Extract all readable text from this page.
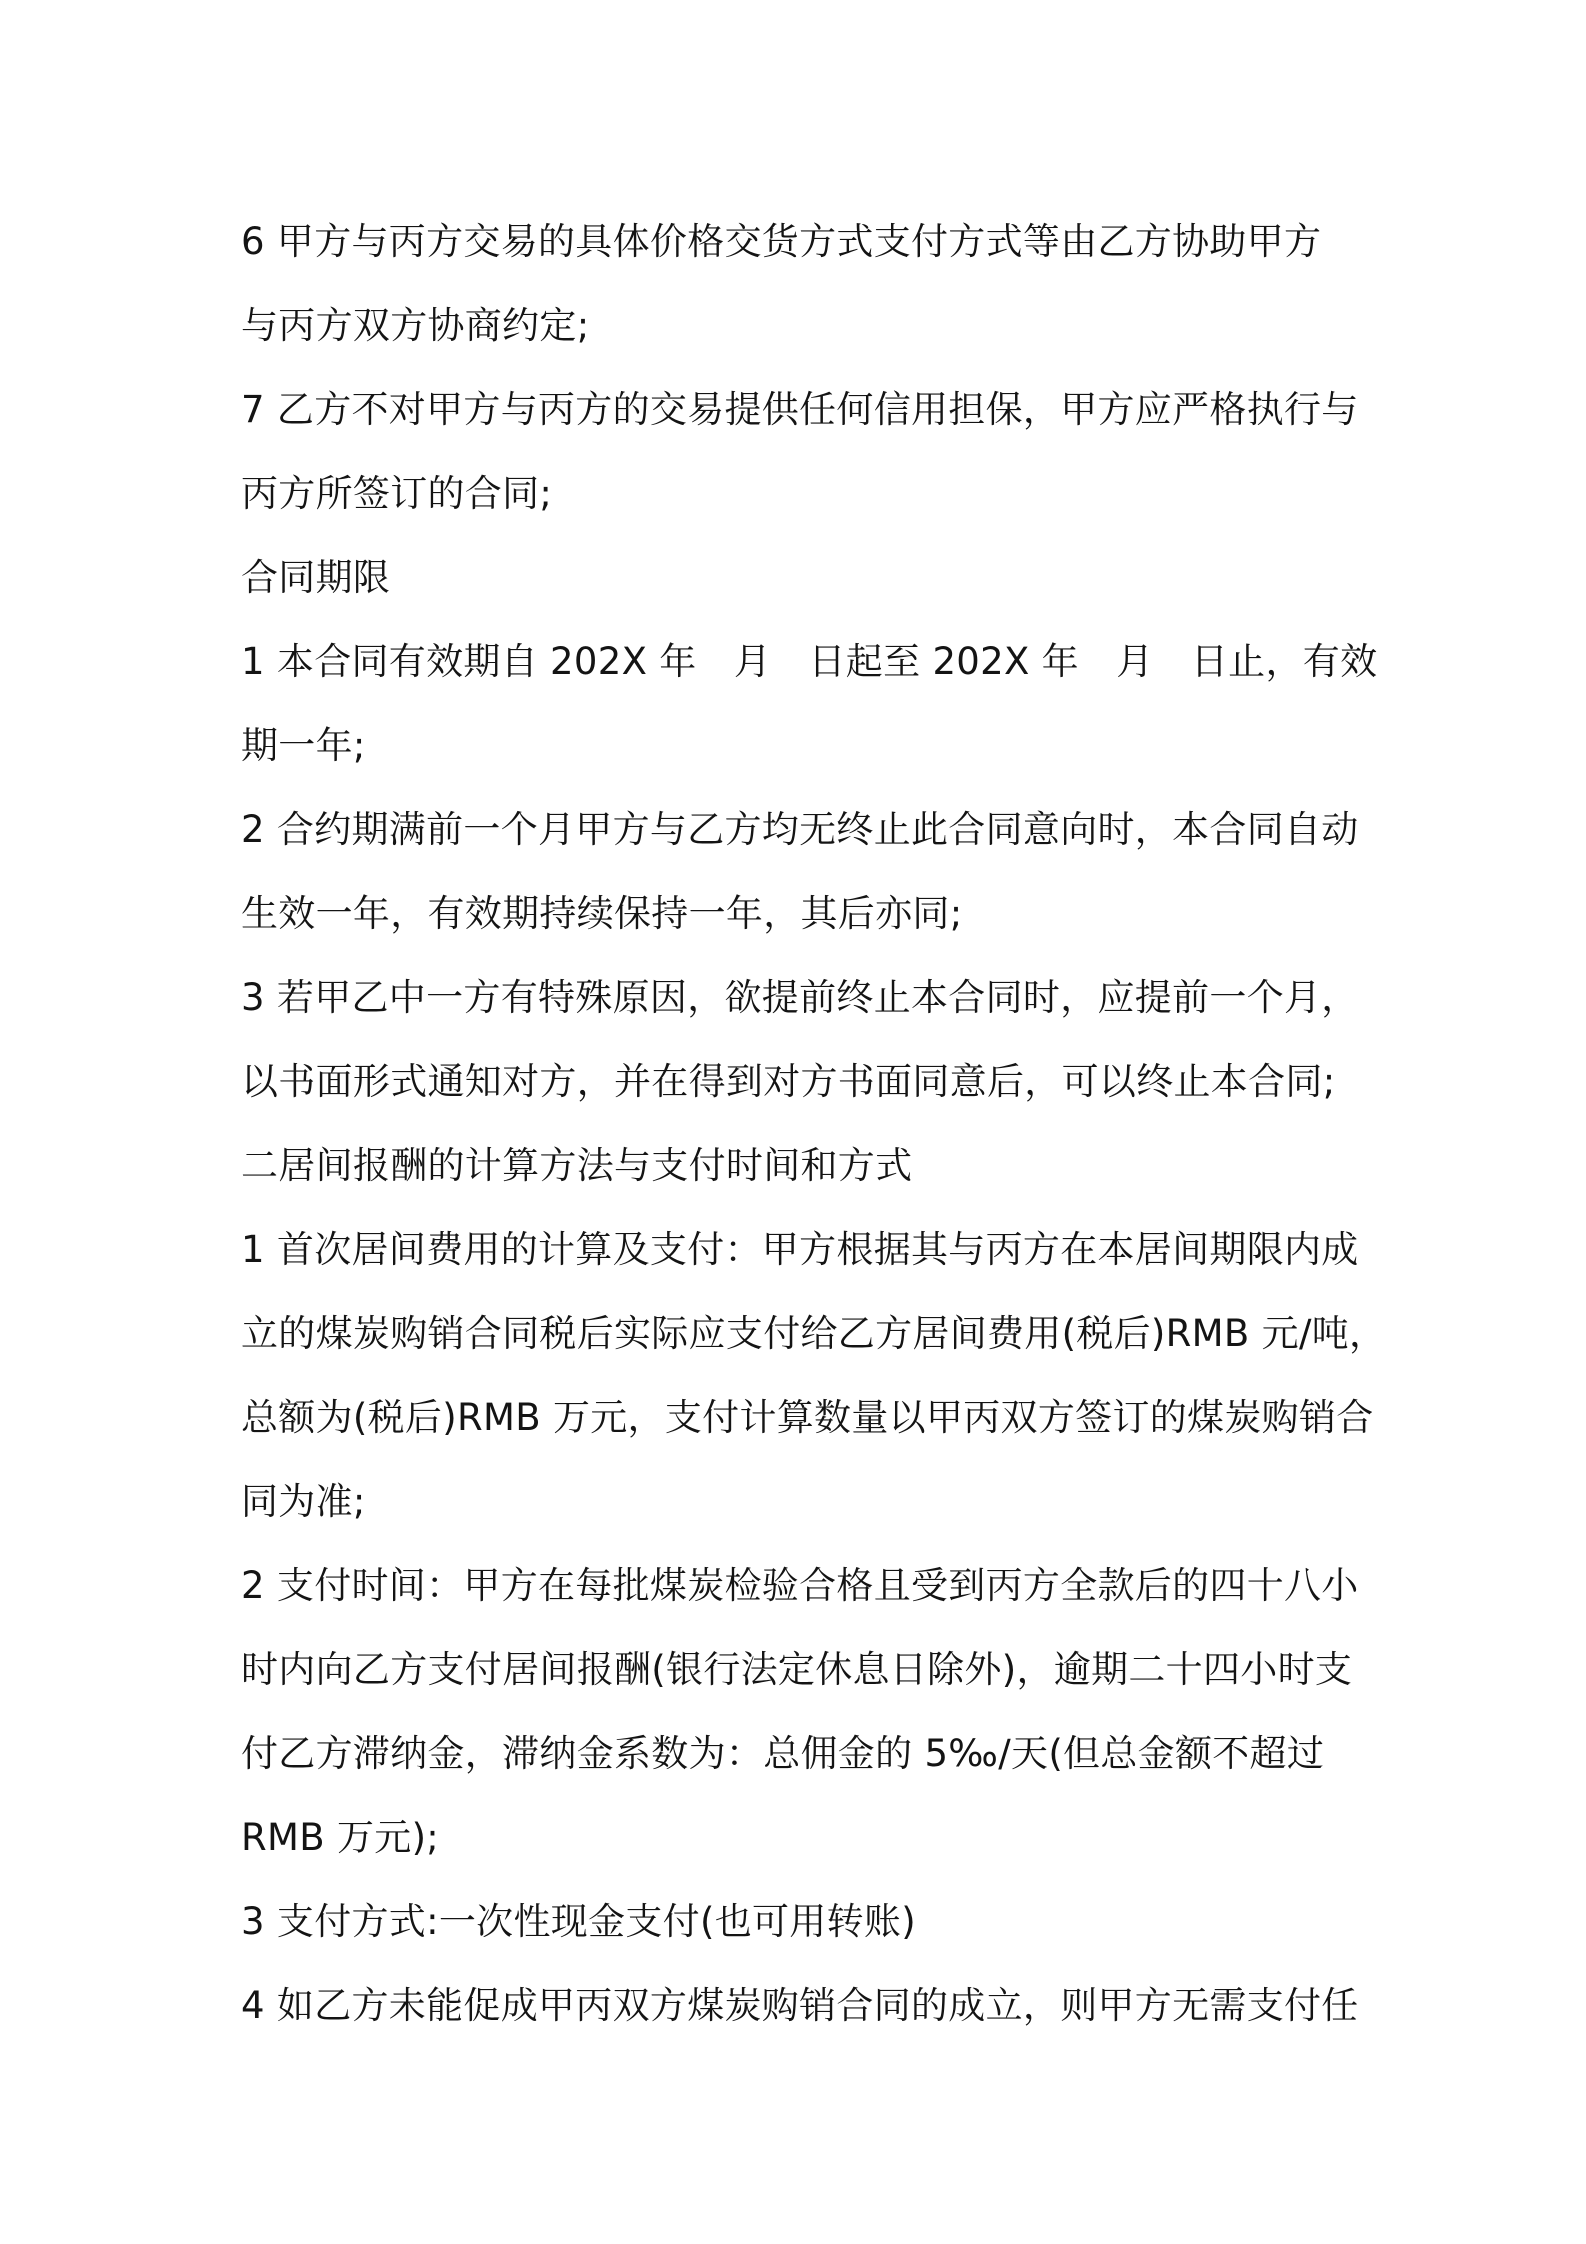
6 甲方与丙方交易的具体价格交货方式支付方式等由乙方协助甲方
与丙方双方协商约定;
7 乙方不对甲方与丙方的交易提供任何信用担保，甲方应严格执行与
丙方所签订的合同;
合同期限
1 本合同有效期自 202X 年　月　日起至 202X 年　月　日止，有效
期一年;
2 合约期满前一个月甲方与乙方均无终止此合同意向时，本合同自动
生效一年，有效期持续保持一年，其后亦同;
3 若甲乙中一方有特殊原因，欲提前终止本合同时，应提前一个月，
以书面形式通知对方，并在得到对方书面同意后，可以终止本合同;
二居间报酬的计算方法与支付时间和方式
1 首次居间费用的计算及支付：甲方根据其与丙方在本居间期限内成
立的煤炭购销合同税后实际应支付给乙方居间费用(税后)RMB 元/吨，
总额为(税后)RMB 万元，支付计算数量以甲丙双方签订的煤炭购销合
同为准;
2 支付时间：甲方在每批煤炭检验合格且受到丙方全款后的四十八小
时内向乙方支付居间报酬(银行法定休息日除外)，逾期二十四小时支
付乙方滞纳金，滞纳金系数为：总佣金的 5‰/天(但总金额不超过
RMB 万元);
3 支付方式:一次性现金支付(也可用转账)
4 如乙方未能促成甲丙双方煤炭购销合同的成立，则甲方无需支付任
